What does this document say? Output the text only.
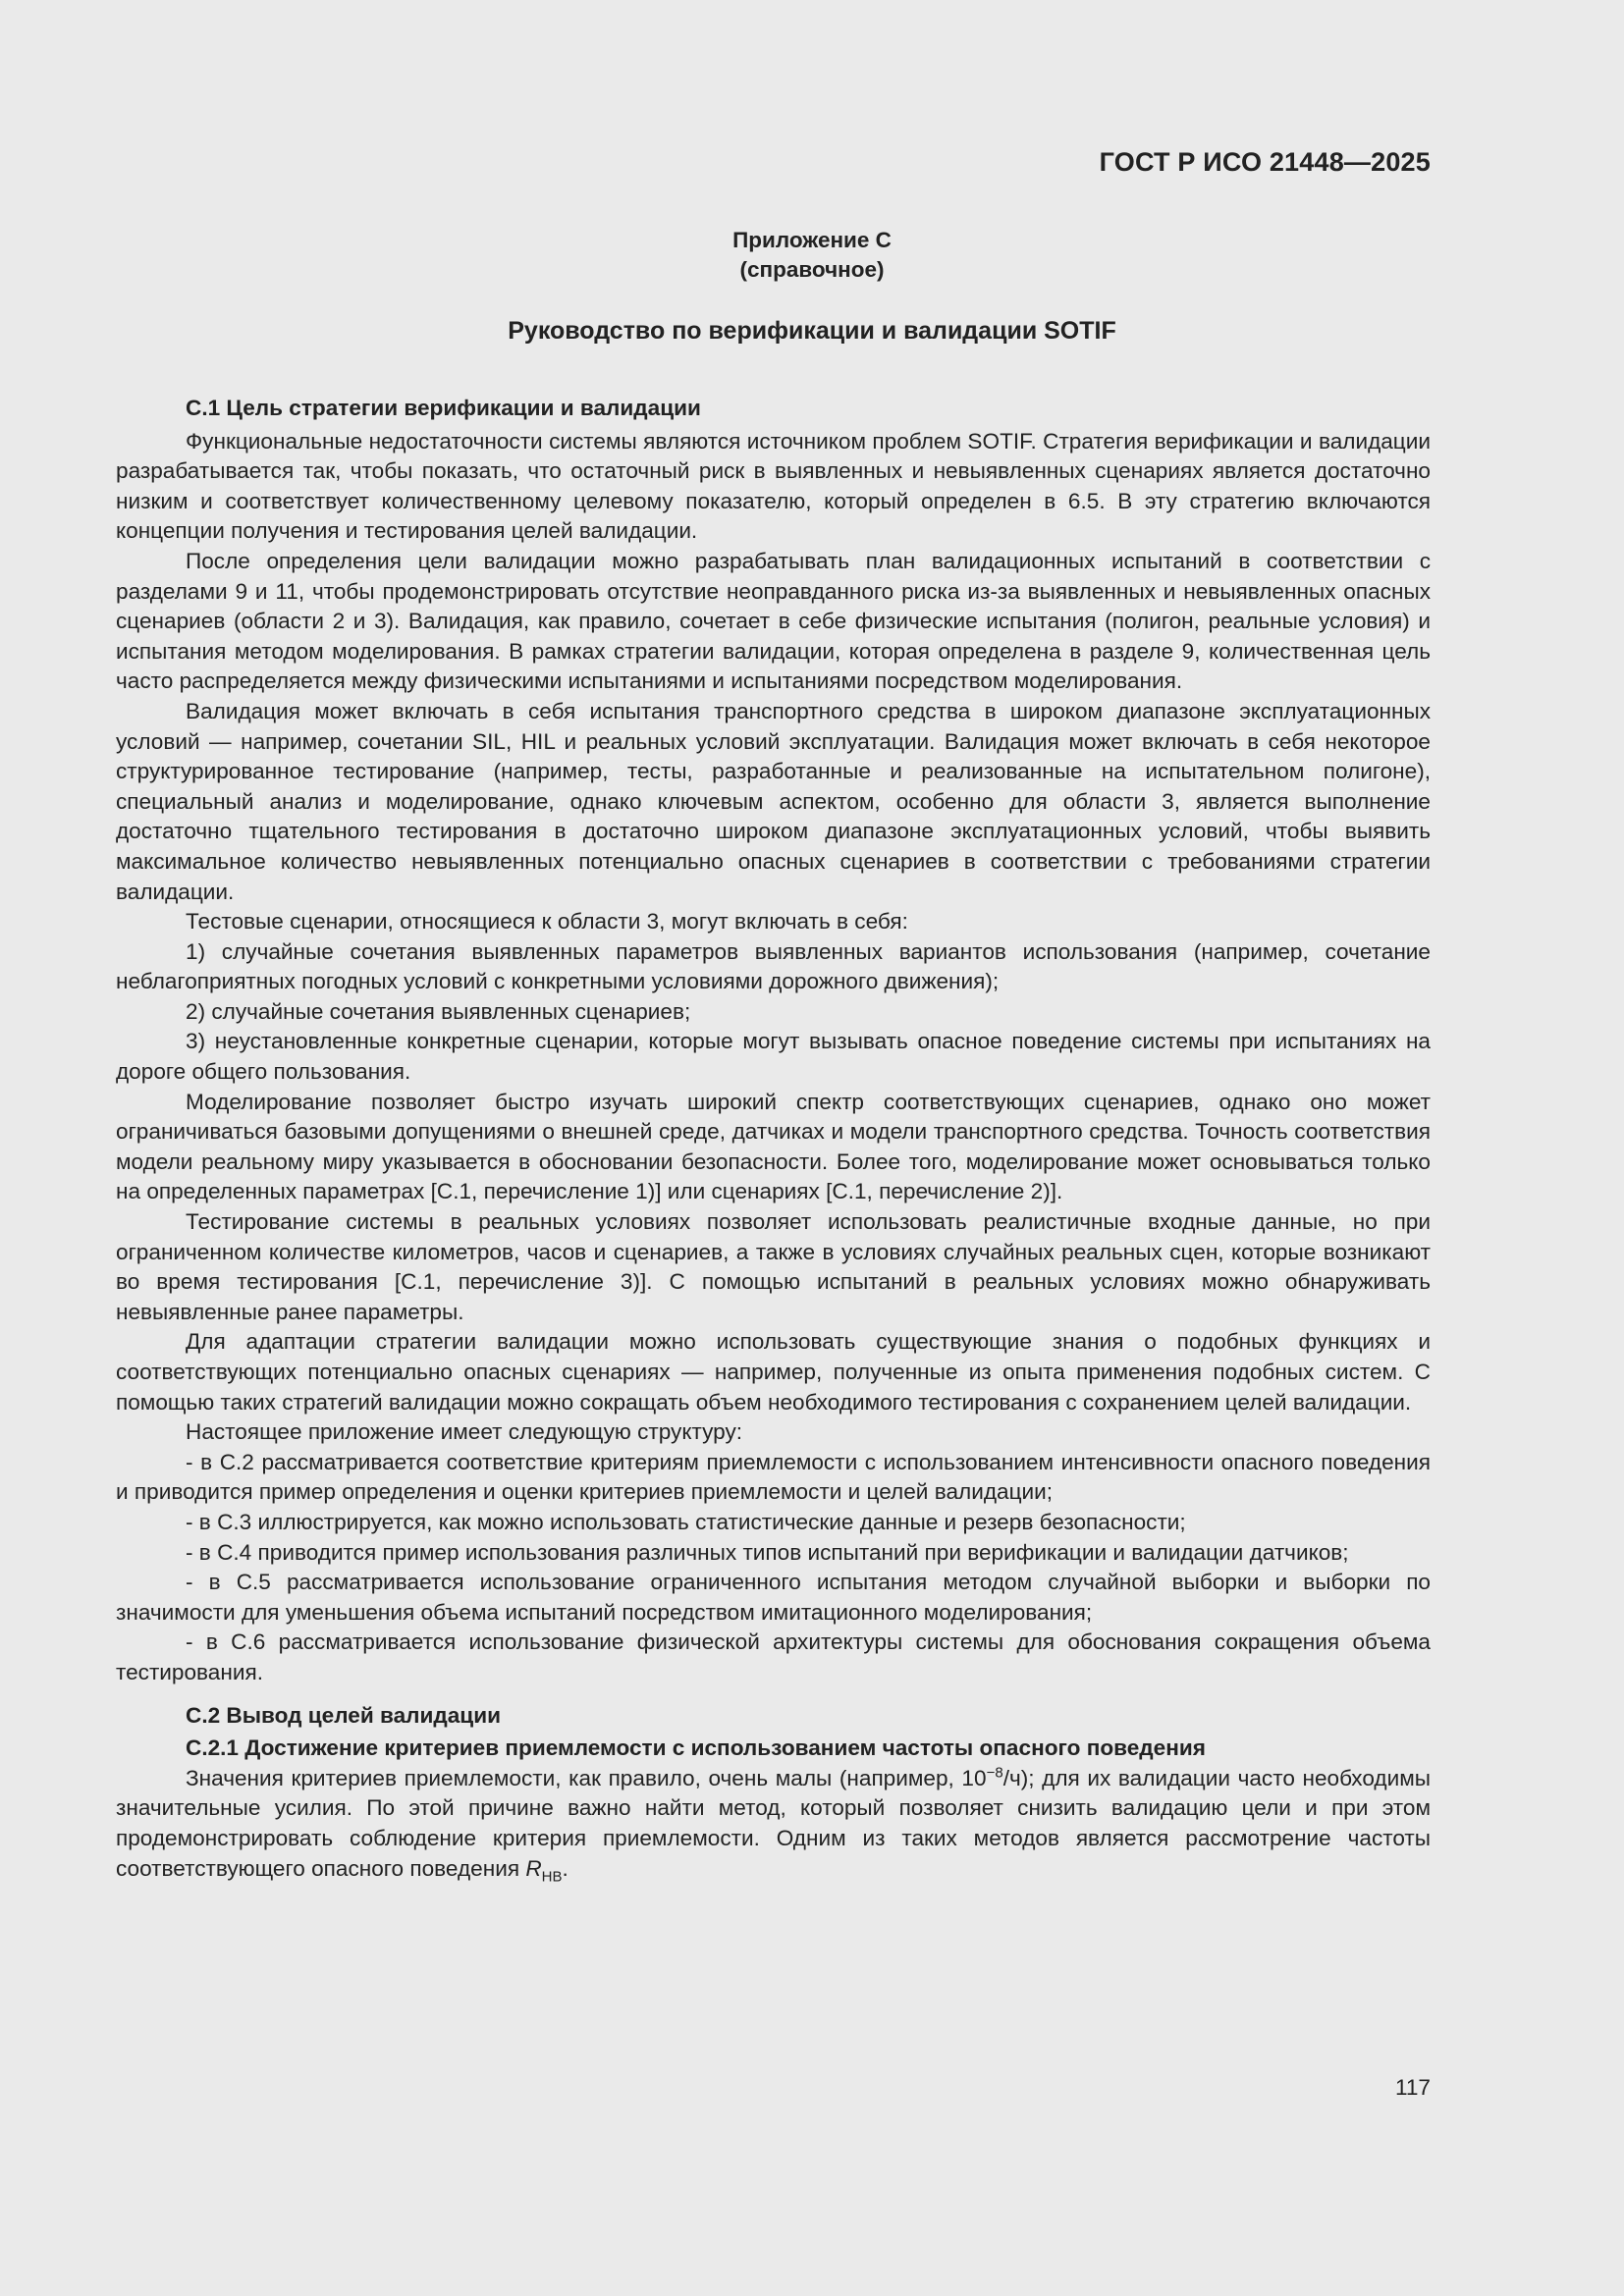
ГОСТ Р ИСО 21448—2025
Приложение С
(справочное)
Руководство по верификации и валидации SOTIF
С.1 Цель стратегии верификации и валидации

Функциональные недостаточности системы являются источником проблем SOTIF. Стратегия верификации и валидации разрабатывается так, чтобы показать, что остаточный риск в выявленных и невыявленных сценариях является достаточно низким и соответствует количественному целевому показателю, который определен в 6.5. В эту стратегию включаются концепции получения и тестирования целей валидации.

После определения цели валидации можно разрабатывать план валидационных испытаний в соответствии с разделами 9 и 11, чтобы продемонстрировать отсутствие неоправданного риска из-за выявленных и невыявленных опасных сценариев (области 2 и 3). Валидация, как правило, сочетает в себе физические испытания (полигон, реальные условия) и испытания методом моделирования. В рамках стратегии валидации, которая определена в разделе 9, количественная цель часто распределяется между физическими испытаниями и испытаниями посредством моделирования.

Валидация может включать в себя испытания транспортного средства в широком диапазоне эксплуатационных условий — например, сочетании SIL, HIL и реальных условий эксплуатации. Валидация может включать в себя некоторое структурированное тестирование (например, тесты, разработанные и реализованные на испытательном полигоне), специальный анализ и моделирование, однако ключевым аспектом, особенно для области 3, является выполнение достаточно тщательного тестирования в достаточно широком диапазоне эксплуатационных условий, чтобы выявить максимальное количество невыявленных потенциально опасных сценариев в соответствии с требованиями стратегии валидации.

Тестовые сценарии, относящиеся к области 3, могут включать в себя:

1) случайные сочетания выявленных параметров выявленных вариантов использования (например, сочетание неблагоприятных погодных условий с конкретными условиями дорожного движения);

2) случайные сочетания выявленных сценариев;

3) неустановленные конкретные сценарии, которые могут вызывать опасное поведение системы при испытаниях на дороге общего пользования.

Моделирование позволяет быстро изучать широкий спектр соответствующих сценариев, однако оно может ограничиваться базовыми допущениями о внешней среде, датчиках и модели транспортного средства. Точность соответствия модели реальному миру указывается в обосновании безопасности. Более того, моделирование может основываться только на определенных параметрах [С.1, перечисление 1)] или сценариях [С.1, перечисление 2)].

Тестирование системы в реальных условиях позволяет использовать реалистичные входные данные, но при ограниченном количестве километров, часов и сценариев, а также в условиях случайных реальных сцен, которые возникают во время тестирования [С.1, перечисление 3)]. С помощью испытаний в реальных условиях можно обнаруживать невыявленные ранее параметры.

Для адаптации стратегии валидации можно использовать существующие знания о подобных функциях и соответствующих потенциально опасных сценариях — например, полученные из опыта применения подобных систем. С помощью таких стратегий валидации можно сокращать объем необходимого тестирования с сохранением целей валидации.

Настоящее приложение имеет следующую структуру:

- в С.2 рассматривается соответствие критериям приемлемости с использованием интенсивности опасного поведения и приводится пример определения и оценки критериев приемлемости и целей валидации;

- в С.3 иллюстрируется, как можно использовать статистические данные и резерв безопасности;

- в С.4 приводится пример использования различных типов испытаний при верификации и валидации датчиков;

- в С.5 рассматривается использование ограниченного испытания методом случайной выборки и выборки по значимости для уменьшения объема испытаний посредством имитационного моделирования;

- в С.6 рассматривается использование физической архитектуры системы для обоснования сокращения объема тестирования.

С.2 Вывод целей валидации
С.2.1 Достижение критериев приемлемости с использованием частоты опасного поведения

Значения критериев приемлемости, как правило, очень малы (например, $10^{-8}/ч$); для их валидации часто необходимы значительные усилия. По этой причине важно найти метод, который позволяет снизить валидацию цели и при этом продемонстрировать соблюдение критерия приемлемости. Одним из таких методов является рассмотрение частоты соответствующего опасного поведения $R_{HB}$.

117
